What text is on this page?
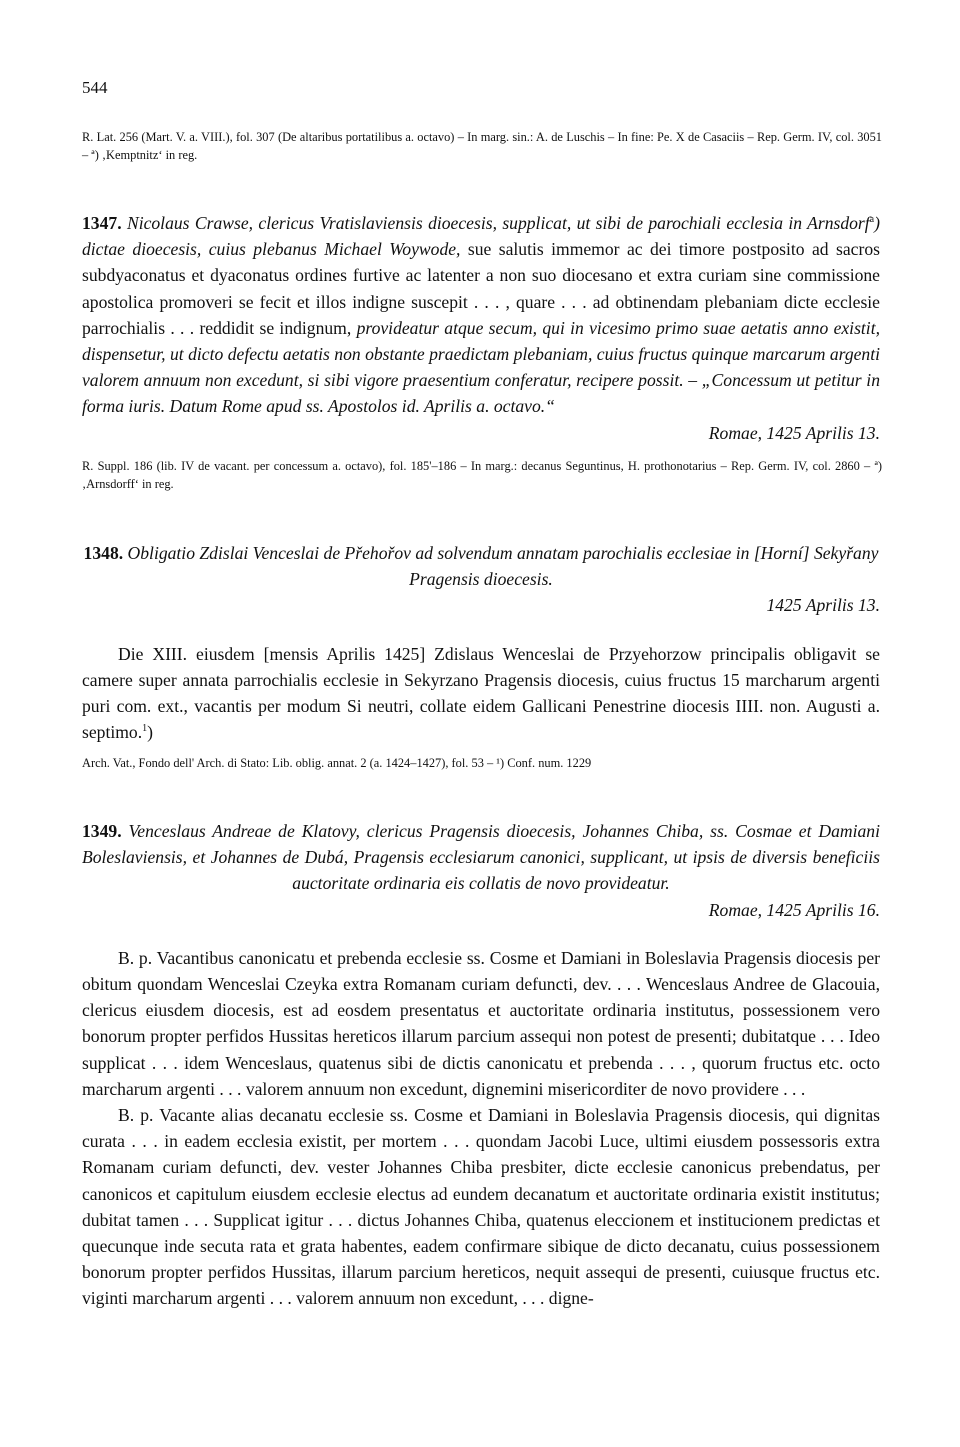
544
R. Lat. 256 (Mart. V. a. VIII.), fol. 307 (De altaribus portatilibus a. octavo) – In marg. sin.: A. de Luschis – In fine: Pe. X de Casaciis – Rep. Germ. IV, col. 3051 – ª) ‚Kemptnitz‘ in reg.
1347. Nicolaus Crawse, clericus Vratislaviensis dioecesis, supplicat, ut sibi de parochiali ecclesia in Arnsdorf$^a$) dictae dioecesis, cuius plebanus Michael Woywode, sue salutis immemor ac dei timore postposito ad sacros subdyaconatus et dyaconatus ordines furtive ac latenter a non suo diocesano et extra curiam sine commissione apostolica promoveri se fecit et illos indigne suscepit . . . , quare . . . ad obtinendam plebaniam dicte ecclesie parrochialis . . . reddidit se indignum, provideatur atque secum, qui in vicesimo primo suae aetatis anno existit, dispensetur, ut dicto defectu aetatis non obstante praedictam plebaniam, cuius fructus quinque marcarum argenti valorem annuum non excedunt, si sibi vigore praesentium conferatur, recipere possit. – „Concessum ut petitur in forma iuris. Datum Rome apud ss. Apostolos id. Aprilis a. octavo.“
Romae, 1425 Aprilis 13.
R. Suppl. 186 (lib. IV de vacant. per concessum a. octavo), fol. 185'–186 – In marg.: decanus Seguntinus, H. prothonotarius – Rep. Germ. IV, col. 2860 – ª) ‚Arnsdorff‘ in reg.
1348. Obligatio Zdislai Venceslai de Přehořov ad solvendum annatam parochialis ecclesiae in [Horní] Sekyřany Pragensis dioecesis.
1425 Aprilis 13.
Die XIII. eiusdem [mensis Aprilis 1425] Zdislaus Wenceslai de Przyehorzow principalis obligavit se camere super annata parrochialis ecclesie in Sekyrzano Pragensis diocesis, cuius fructus 15 marcharum argenti puri com. ext., vacantis per modum Si neutri, collate eidem Gallicani Penestrine diocesis IIII. non. Augusti a. septimo.$^1$)
Arch. Vat., Fondo dell' Arch. di Stato: Lib. oblig. annat. 2 (a. 1424–1427), fol. 53 – ¹) Conf. num. 1229
1349. Venceslaus Andreae de Klatovy, clericus Pragensis dioecesis, Johannes Chiba, ss. Cosmae et Damiani Boleslaviensis, et Johannes de Dubá, Pragensis ecclesiarum canonici, supplicant, ut ipsis de diversis beneficiis auctoritate ordinaria eis collatis de novo provideatur.
Romae, 1425 Aprilis 16.
B. p. Vacantibus canonicatu et prebenda ecclesie ss. Cosme et Damiani in Boleslavia Pragensis diocesis per obitum quondam Wenceslai Czeyka extra Romanam curiam defuncti, dev. . . . Wenceslaus Andree de Glacouia, clericus eiusdem diocesis, est ad eosdem presentatus et auctoritate ordinaria institutus, possessionem vero bonorum propter perfidos Hussitas hereticos illarum parcium assequi non potest de presenti; dubitatque . . . Ideo supplicat . . . idem Wenceslaus, quatenus sibi de dictis canonicatu et prebenda . . . , quorum fructus etc. octo marcharum argenti . . . valorem annuum non excedunt, dignemini misericorditer de novo providere . . .
B. p. Vacante alias decanatu ecclesie ss. Cosme et Damiani in Boleslavia Pragensis diocesis, qui dignitas curata . . . in eadem ecclesia existit, per mortem . . . quondam Jacobi Luce, ultimi eiusdem possessoris extra Romanam curiam defuncti, dev. vester Johannes Chiba presbiter, dicte ecclesie canonicus prebendatus, per canonicos et capitulum eiusdem ecclesie electus ad eundem decanatum et auctoritate ordinaria existit institutus; dubitat tamen . . . Supplicat igitur . . . dictus Johannes Chiba, quatenus eleccionem et institucionem predictas et quecunque inde secuta rata et grata habentes, eadem confirmare sibique de dicto decanatu, cuius possessionem bonorum propter perfidos Hussitas, illarum parcium hereticos, nequit assequi de presenti, cuiusque fructus etc. viginti marcharum argenti . . . valorem annuum non excedunt, . . . digne-
